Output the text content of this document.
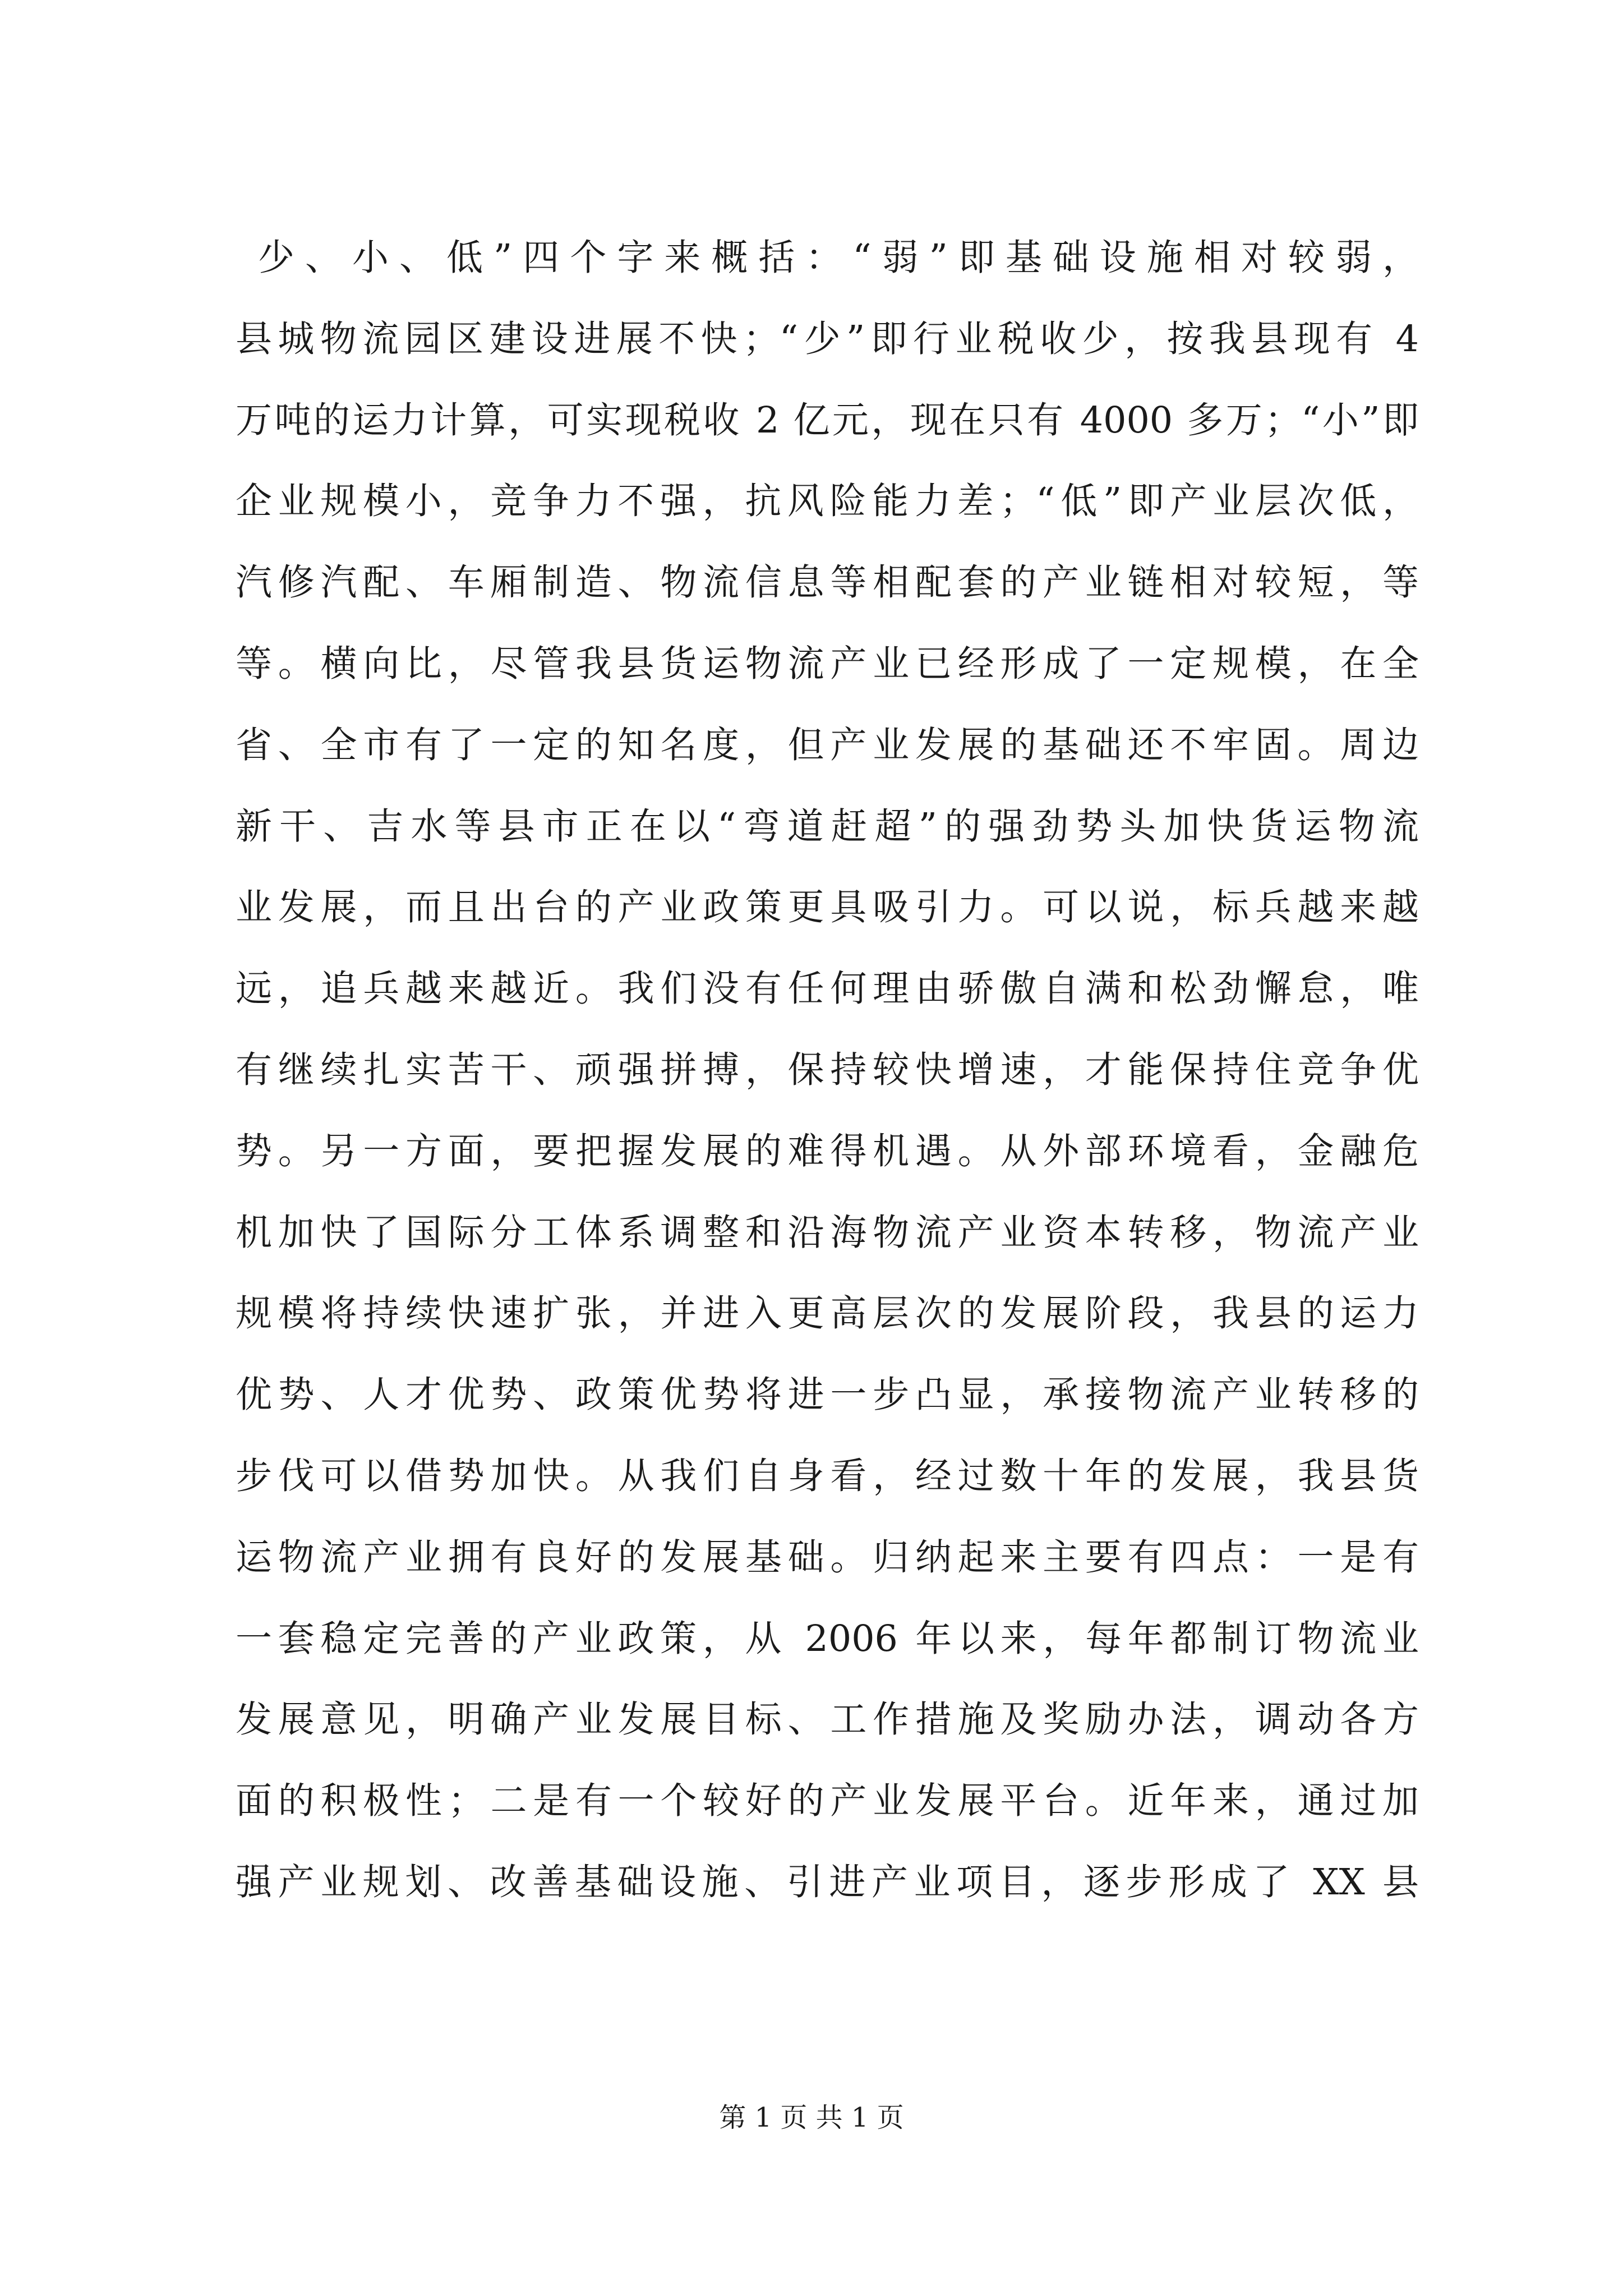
少、小、低”四个字来概括：“弱”即基础设施相对较弱，
县城物流园区建设进展不快；“少”即行业税收少，按我县现有 4
万吨的运力计算，可实现税收 2 亿元，现在只有 4000 多万；“小”即
企业规模小，竞争力不强，抗风险能力差；“低”即产业层次低，
汽修汽配、车厢制造、物流信息等相配套的产业链相对较短，等
等。横向比，尽管我县货运物流产业已经形成了一定规模，在全
省、全市有了一定的知名度，但产业发展的基础还不牢固。周边
新干、吉水等县市正在以“弯道赶超”的强劲势头加快货运物流
业发展，而且出台的产业政策更具吸引力。可以说，标兵越来越
远，追兵越来越近。我们没有任何理由骄傲自满和松劲懈怠，唯
有继续扎实苦干、顽强拼搏，保持较快增速，才能保持住竞争优
势。另一方面，要把握发展的难得机遇。从外部环境看，金融危
机加快了国际分工体系调整和沿海物流产业资本转移，物流产业
规模将持续快速扩张，并进入更高层次的发展阶段，我县的运力
优势、人才优势、政策优势将进一步凸显，承接物流产业转移的
步伐可以借势加快。从我们自身看，经过数十年的发展，我县货
运物流产业拥有良好的发展基础。归纳起来主要有四点：一是有
一套稳定完善的产业政策，从 2006 年以来，每年都制订物流业
发展意见，明确产业发展目标、工作措施及奖励办法，调动各方
面的积极性；二是有一个较好的产业发展平台。近年来，通过加
强产业规划、改善基础设施、引进产业项目，逐步形成了 XX 县
第 1 页 共 1 页
